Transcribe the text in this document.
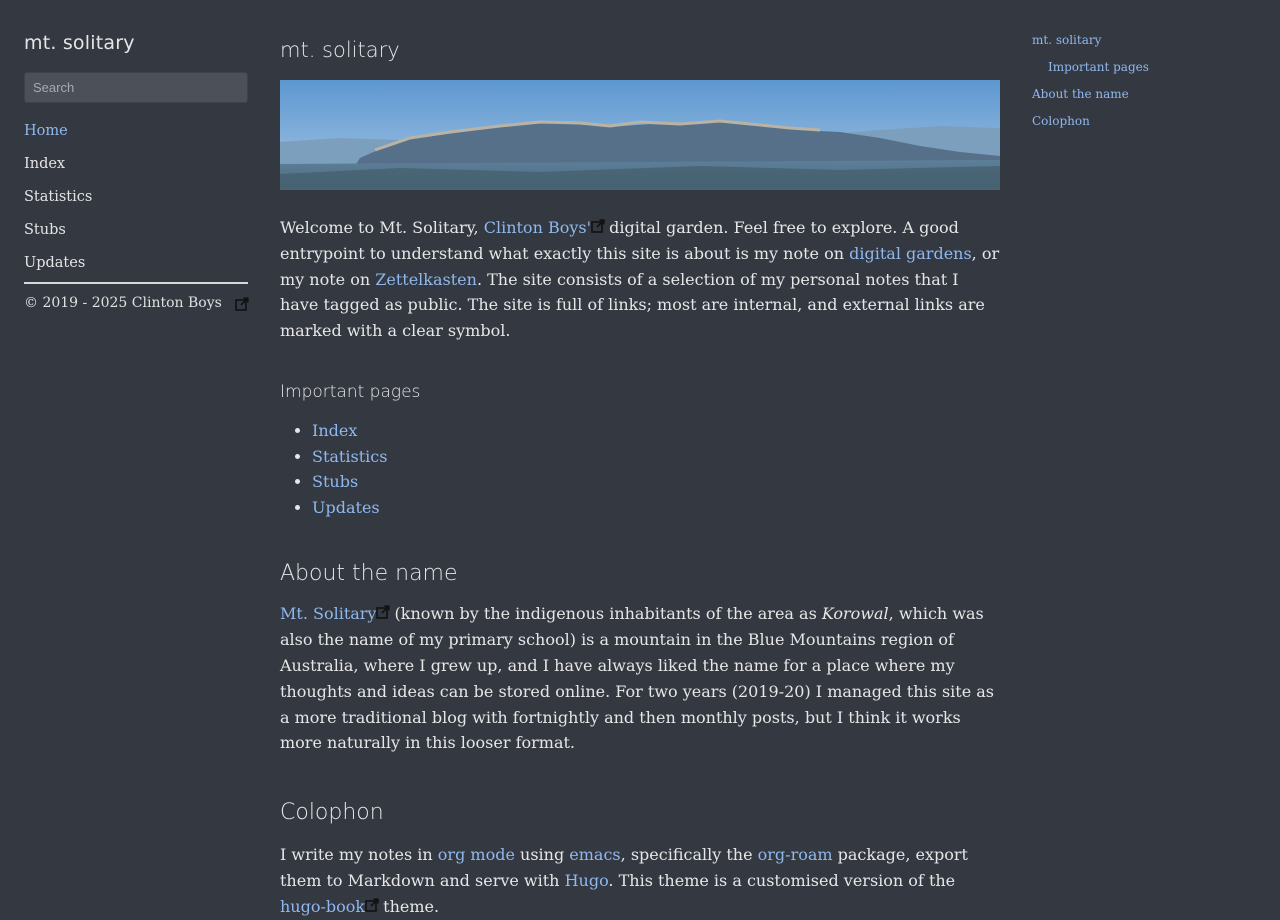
mt. solitary
Search
Home
Index
Statistics
Stubs
Updates
© 2019 - 2025 Clinton Boys
mt. solitary

Welcome to Mt. Solitary, Clinton Boys' digital garden. Feel free to explore. A good entrypoint to understand what exactly this site is about is my note on digital gardens, or my note on Zettelkasten. The site consists of a selection of my personal notes that I have tagged as public. The site is full of links; most are internal, and external links are marked with a clear symbol.

Important pages
• Index
• Statistics
• Stubs
• Updates
About the name

Mt. Solitary (known by the indigenous inhabitants of the area as Korowal, which was also the name of my primary school) is a mountain in the Blue Mountains region of Australia, where I grew up, and I have always liked the name for a place where my thoughts and ideas can be stored online. For two years (2019-20) I managed this site as a more traditional blog with fortnightly and then monthly posts, but I think it works more naturally in this looser format.

Colophon

I write my notes in org mode using emacs, specifically the org-roam package, export them to Markdown and serve with Hugo. This theme is a customised version of the hugo-book theme.

mt. solitary
Important pages
About the name
Colophon
